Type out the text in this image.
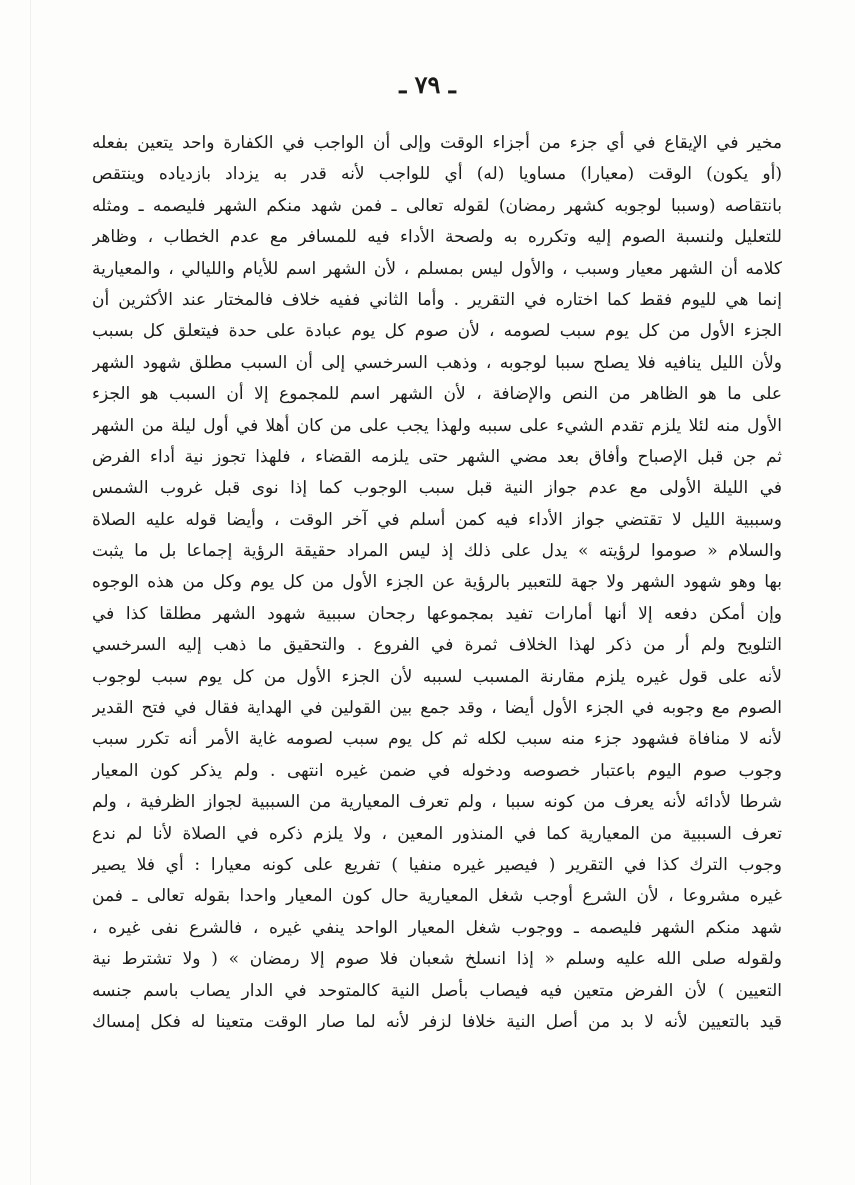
ـ ٧٩ ـ
مخير في الإيقاع في أي جزء من أجزاء الوقت وإلى أن الواجب في الكفارة واحد يتعين بفعله
(أو يكون) الوقت (معيارا) مساويا (له) أي للواجب لأنه قدر به يزداد بازدياده وينتقص
بانتقاصه (وسببا لوجوبه كشهر رمضان) لقوله تعالى ـ فمن شهد منكم الشهر فليصمه ـ ومثله
للتعليل ولنسبة الصوم إليه وتكرره به ولصحة الأداء فيه للمسافر مع عدم الخطاب ، وظاهر
كلامه أن الشهر معيار وسبب ، والأول ليس بمسلم ، لأن الشهر اسم للأيام والليالي ، والمعيارية
إنما هي لليوم فقط كما اختاره في التقرير . وأما الثاني ففيه خلاف فالمختار عند الأكثرين أن
الجزء الأول من كل يوم سبب لصومه ، لأن صوم كل يوم عبادة على حدة فيتعلق كل بسبب
ولأن الليل ينافيه فلا يصلح سببا لوجوبه ، وذهب السرخسي إلى أن السبب مطلق شهود الشهر
على ما هو الظاهر من النص والإضافة ، لأن الشهر اسم للمجموع إلا أن السبب هو الجزء
الأول منه لئلا يلزم تقدم الشيء على سببه ولهذا يجب على من كان أهلا في أول ليلة من الشهر
ثم جن قبل الإصباح وأفاق بعد مضي الشهر حتى يلزمه القضاء ، فلهذا تجوز نية أداء الفرض
في الليلة الأولى مع عدم جواز النية قبل سبب الوجوب كما إذا نوى قبل غروب الشمس
وسببية الليل لا تقتضي جواز الأداء فيه كمن أسلم في آخر الوقت ، وأيضا قوله عليه الصلاة
والسلام « صوموا لرؤيته » يدل على ذلك إذ ليس المراد حقيقة الرؤية إجماعا بل ما يثبت
بها وهو شهود الشهر ولا جهة للتعبير بالرؤية عن الجزء الأول من كل يوم وكل من هذه الوجوه
وإن أمكن دفعه إلا أنها أمارات تفيد بمجموعها رجحان سببية شهود الشهر مطلقا كذا في
التلويح ولم أر من ذكر لهذا الخلاف ثمرة في الفروع . والتحقيق ما ذهب إليه السرخسي
لأنه على قول غيره يلزم مقارنة المسبب لسببه لأن الجزء الأول من كل يوم سبب لوجوب
الصوم مع وجوبه في الجزء الأول أيضا ، وقد جمع بين القولين في الهداية فقال في فتح القدير
لأنه لا منافاة فشهود جزء منه سبب لكله ثم كل يوم سبب لصومه غاية الأمر أنه تكرر سبب
وجوب صوم اليوم باعتبار خصوصه ودخوله في ضمن غيره انتهى . ولم يذكر كون المعيار
شرطا لأدائه لأنه يعرف من كونه سببا ، ولم تعرف المعيارية من السببية لجواز الظرفية ، ولم
تعرف السببية من المعيارية كما في المنذور المعين ، ولا يلزم ذكره في الصلاة لأنا لم ندع
وجوب الترك كذا في التقرير ( فيصير غيره منفيا ) تفريع على كونه معيارا : أي فلا يصير
غيره مشروعا ، لأن الشرع أوجب شغل المعيارية حال كون المعيار واحدا بقوله تعالى ـ فمن
شهد منكم الشهر فليصمه ـ ووجوب شغل المعيار الواحد ينفي غيره ، فالشرع نفى غيره ،
ولقوله صلى الله عليه وسلم « إذا انسلخ شعبان فلا صوم إلا رمضان » ( ولا تشترط نية
التعيين ) لأن الفرض متعين فيه فيصاب بأصل النية كالمتوحد في الدار يصاب باسم جنسه
قيد بالتعيين لأنه لا بد من أصل النية خلافا لزفر لأنه لما صار الوقت متعينا له فكل إمساك
